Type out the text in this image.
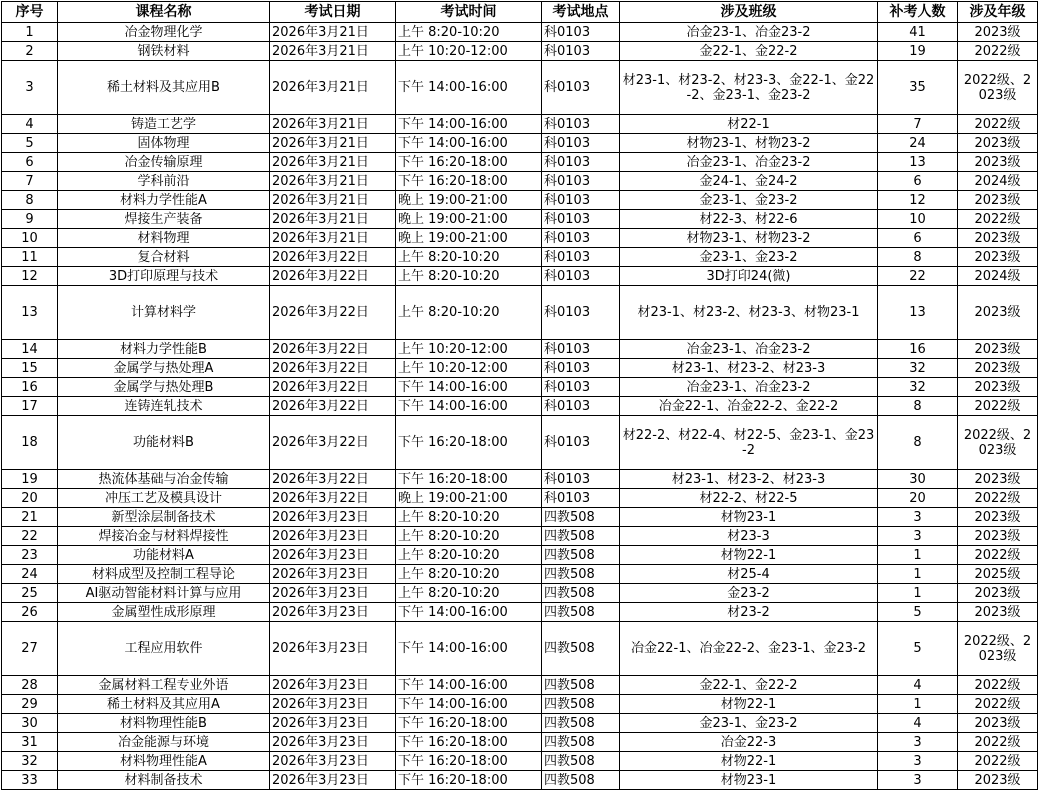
序号	课程名称	考试日期	考试时间	考试地点	涉及班级	补考人数	涉及年级
1	冶金物理化学	2026年3月21日	上午 8:20-10:20	科0103	冶金23-1、冶金23-2	41	2023级
2	钢铁材料	2026年3月21日	上午 10:20-12:00	科0103	金22-1、金22-2	19	2022级
3	稀土材料及其应用B	2026年3月21日	下午 14:00-16:00	科0103	材23-1、材23-2、材23-3、金22-1、金22-2、金23-1、金23-2	35	2022级、2023级
4	铸造工艺学	2026年3月21日	下午 14:00-16:00	科0103	材22-1	7	2022级
5	固体物理	2026年3月21日	下午 14:00-16:00	科0103	材物23-1、材物23-2	24	2023级
6	冶金传输原理	2026年3月21日	下午 16:20-18:00	科0103	冶金23-1、冶金23-2	13	2023级
7	学科前沿	2026年3月21日	下午 16:20-18:00	科0103	金24-1、金24-2	6	2024级
8	材料力学性能A	2026年3月21日	晚上 19:00-21:00	科0103	金23-1、金23-2	12	2023级
9	焊接生产装备	2026年3月21日	晚上 19:00-21:00	科0103	材22-3、材22-6	10	2022级
10	材料物理	2026年3月21日	晚上 19:00-21:00	科0103	材物23-1、材物23-2	6	2023级
11	复合材料	2026年3月22日	上午 8:20-10:20	科0103	金23-1、金23-2	8	2023级
12	3D打印原理与技术	2026年3月22日	上午 8:20-10:20	科0103	3D打印24(微)	22	2024级
13	计算材料学	2026年3月22日	上午 8:20-10:20	科0103	材23-1、材23-2、材23-3、材物23-1	13	2023级
14	材料力学性能B	2026年3月22日	上午 10:20-12:00	科0103	冶金23-1、冶金23-2	16	2023级
15	金属学与热处理A	2026年3月22日	上午 10:20-12:00	科0103	材23-1、材23-2、材23-3	32	2023级
16	金属学与热处理B	2026年3月22日	下午 14:00-16:00	科0103	冶金23-1、冶金23-2	32	2023级
17	连铸连轧技术	2026年3月22日	下午 14:00-16:00	科0103	冶金22-1、冶金22-2、金22-2	8	2022级
18	功能材料B	2026年3月22日	下午 16:20-18:00	科0103	材22-2、材22-4、材22-5、金23-1、金23-2	8	2022级、2023级
19	热流体基础与冶金传输	2026年3月22日	下午 16:20-18:00	科0103	材23-1、材23-2、材23-3	30	2023级
20	冲压工艺及模具设计	2026年3月22日	晚上 19:00-21:00	科0103	材22-2、材22-5	20	2022级
21	新型涂层制备技术	2026年3月23日	上午 8:20-10:20	四教508	材物23-1	3	2023级
22	焊接冶金与材料焊接性	2026年3月23日	上午 8:20-10:20	四教508	材23-3	3	2023级
23	功能材料A	2026年3月23日	上午 8:20-10:20	四教508	材物22-1	1	2022级
24	材料成型及控制工程导论	2026年3月23日	上午 8:20-10:20	四教508	材25-4	1	2025级
25	AI驱动智能材料计算与应用	2026年3月23日	上午 8:20-10:20	四教508	金23-2	1	2023级
26	金属塑性成形原理	2026年3月23日	下午 14:00-16:00	四教508	材23-2	5	2023级
27	工程应用软件	2026年3月23日	下午 14:00-16:00	四教508	冶金22-1、冶金22-2、金23-1、金23-2	5	2022级、2023级
28	金属材料工程专业外语	2026年3月23日	下午 14:00-16:00	四教508	金22-1、金22-2	4	2022级
29	稀土材料及其应用A	2026年3月23日	下午 14:00-16:00	四教508	材物22-1	1	2022级
30	材料物理性能B	2026年3月23日	下午 16:20-18:00	四教508	金23-1、金23-2	4	2023级
31	冶金能源与环境	2026年3月23日	下午 16:20-18:00	四教508	冶金22-3	3	2022级
32	材料物理性能A	2026年3月23日	下午 16:20-18:00	四教508	材物22-1	3	2022级
33	材料制备技术	2026年3月23日	下午 16:20-18:00	四教508	材物23-1	3	2023级
